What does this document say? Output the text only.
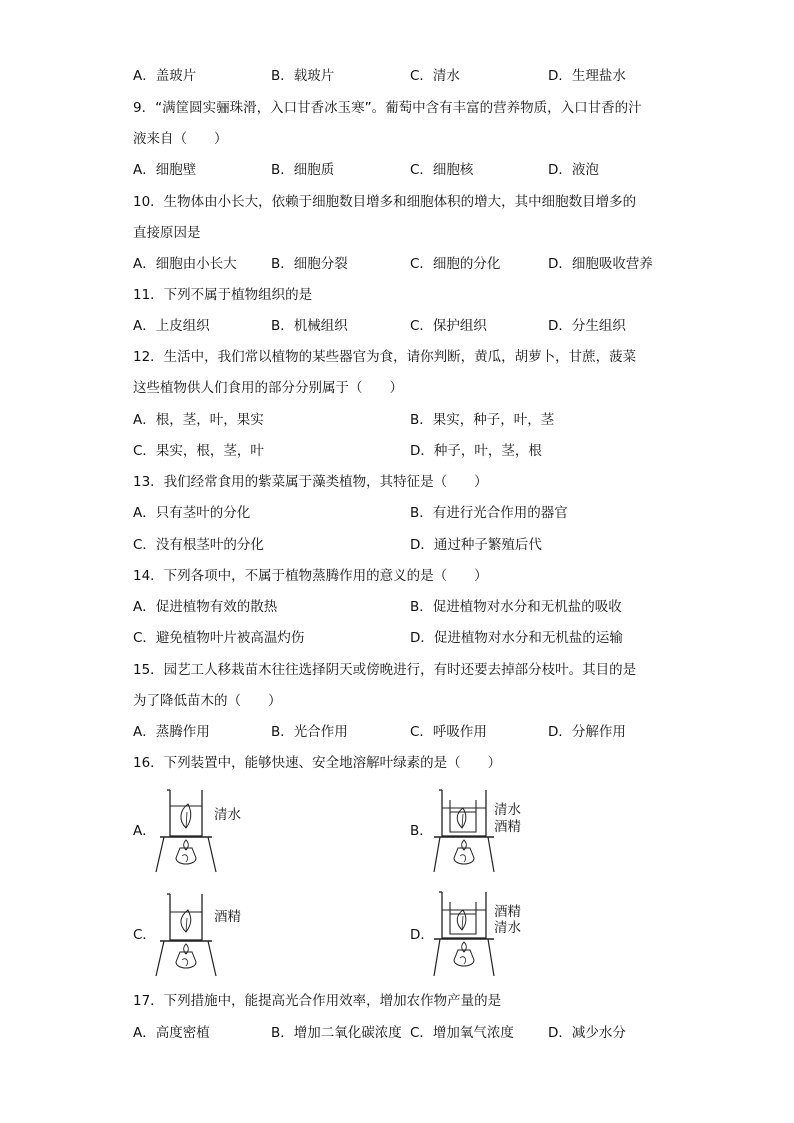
A．盖玻片	B．载玻片	C．清水	D．生理盐水
9．“满筐圆实骊珠滑，入口甘香冰玉寒”。葡萄中含有丰富的营养物质，入口甘香的汁
液来自（　　）
A．细胞壁	B．细胞质	C．细胞核	D．液泡
10．生物体由小长大，依赖于细胞数目增多和细胞体积的增大，其中细胞数目增多的
直接原因是
A．细胞由小长大	B．细胞分裂	C．细胞的分化	D．细胞吸收营养
11．下列不属于植物组织的是
A．上皮组织	B．机械组织	C．保护组织	D．分生组织
12．生活中，我们常以植物的某些器官为食，请你判断，黄瓜，胡萝卜，甘蔗，菠菜
这些植物供人们食用的部分分别属于（　　）
A．根，茎，叶，果实	B．果实，种子，叶，茎
C．果实，根，茎，叶	D．种子，叶，茎，根
13．我们经常食用的紫菜属于藻类植物，其特征是（　　）
A．只有茎叶的分化	B．有进行光合作用的器官
C．没有根茎叶的分化	D．通过种子繁殖后代
14．下列各项中，不属于植物蒸腾作用的意义的是（　　）
A．促进植物有效的散热	B．促进植物对水分和无机盐的吸收
C．避免植物叶片被高温灼伤	D．促进植物对水分和无机盐的运输
15．园艺工人移栽苗木往往选择阴天或傍晚进行，有时还要去掉部分枝叶。其目的是
为了降低苗木的（　　）
A．蒸腾作用	B．光合作用	C．呼吸作用	D．分解作用
16．下列装置中，能够快速、安全地溶解叶绿素的是（　　）
A．
清水
B．
清水
酒精
C．
酒精
D．
酒精
清水
17．下列措施中，能提高光合作用效率，增加农作物产量的是
A．高度密植	B．增加二氧化碳浓度 C．增加氧气浓度	D．减少水分
